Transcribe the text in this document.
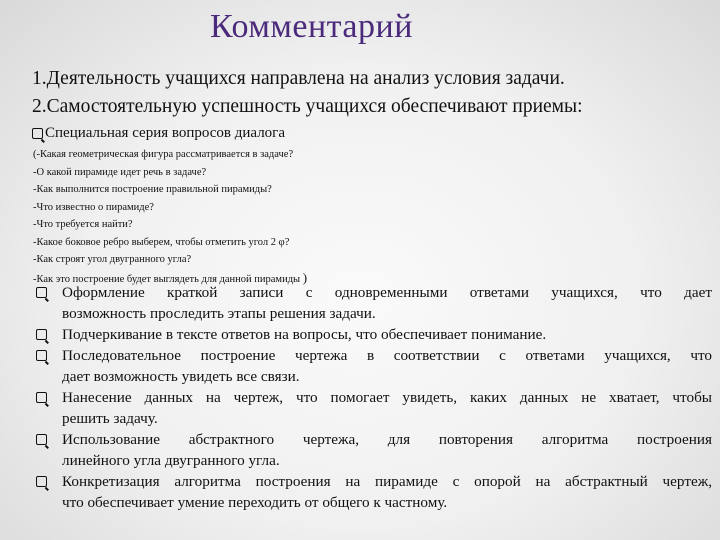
Комментарий
1.Деятельность учащихся направлена на анализ условия задачи.
2.Самостоятельную успешность учащихся обеспечивают приемы:
Специальная серия вопросов диалога
(-Какая геометрическая фигура рассматривается в задаче?
-О какой пирамиде идет речь в задаче?
-Как выполнится построение правильной пирамиды?
-Что известно о пирамиде?
-Что требуется найти?
-Какое боковое ребро выберем, чтобы отметить угол 2 φ?
-Как строят угол двугранного угла?
-Как это построение будет выглядеть для данной пирамиды )
Оформление краткой записи с одновременными ответами учащихся, что дает
возможность проследить этапы решения задачи.
Подчеркивание в тексте ответов на вопросы, что обеспечивает понимание.
Последовательное построение чертежа в соответствии с ответами учащихся, что
дает возможность увидеть все связи.
Нанесение данных на чертеж, что помогает увидеть, каких данных не хватает, чтобы
решить задачу.
Использование абстрактного чертежа, для повторения алгоритма построения
линейного угла двугранного угла.
Конкретизация алгоритма построения на пирамиде с опорой на абстрактный чертеж,
что обеспечивает умение переходить от общего к частному.
